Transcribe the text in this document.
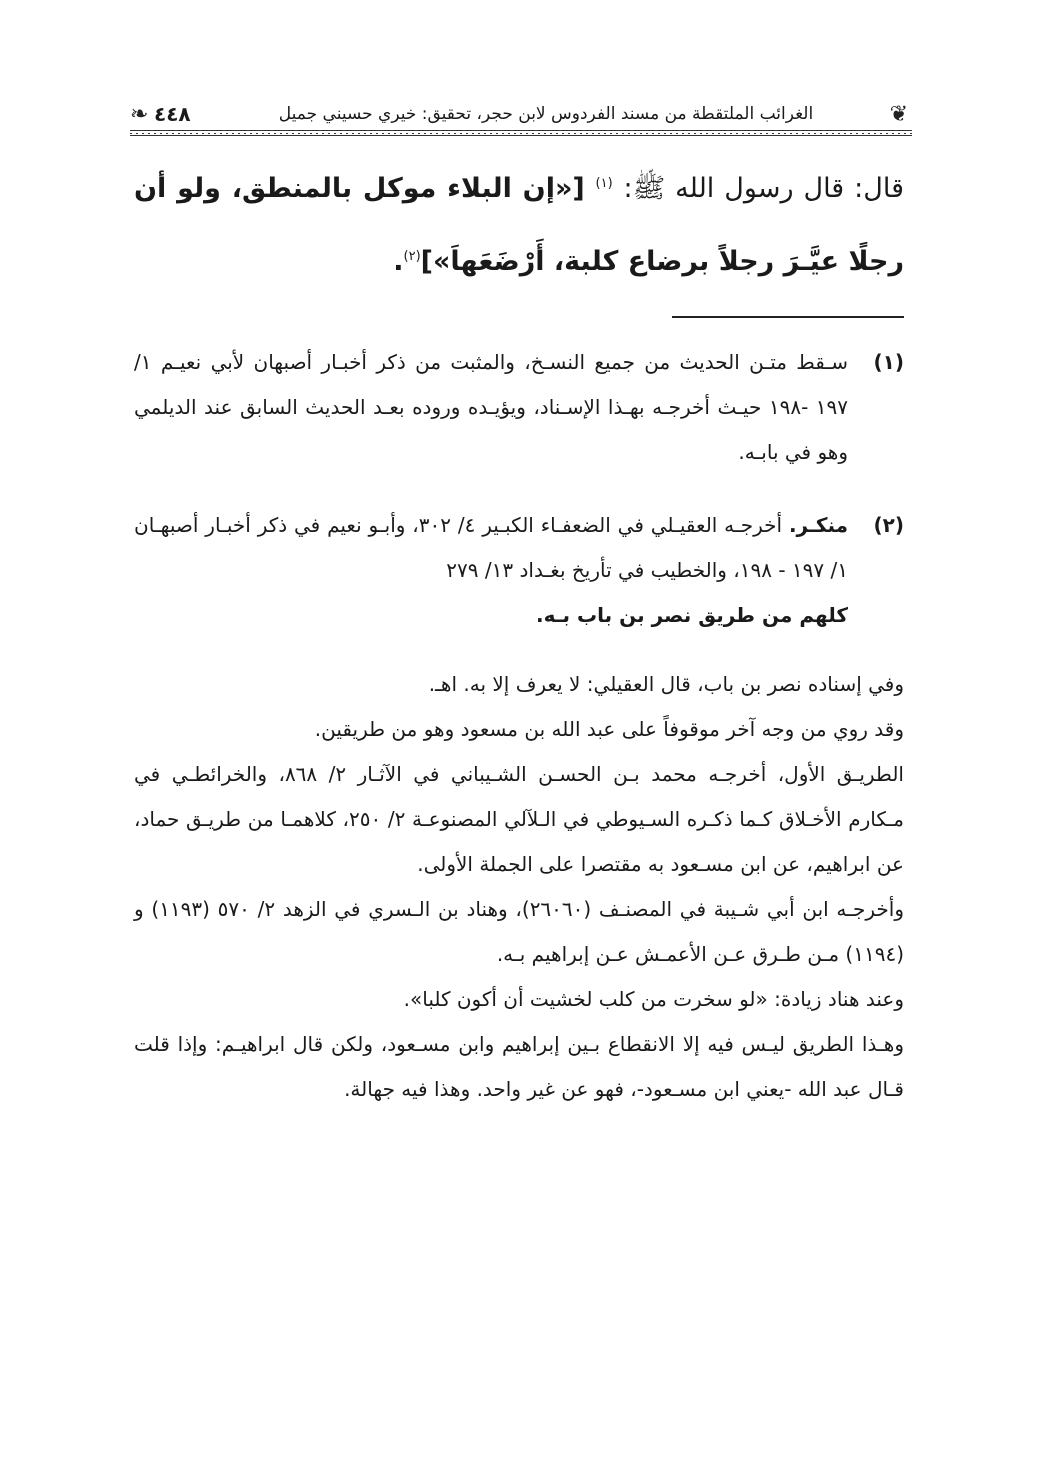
❦
الغرائب الملتقطة من مسند الفردوس لابن حجر، تحقيق: خيري حسيني جميل
٤٤٨
❧
قال: قال رسول الله ﷺ: $^{(١)}$ [«إن البلاء موكل بالمنطق، ولو أن رجلًا عيَّـرَ رجلاً برضاع كلبة، أَرْضَعَهاَ»]$^{(٢)}$.
(١)
سـقط متـن الحديث من جميع النسـخ، والمثبت من ذكر أخبـار أصبهان لأبي نعيـم ١/ ١٩٧ -١٩٨ حيـث أخرجـه بهـذا الإسـناد، ويؤيـده وروده بعـد الحديث السابق عند الديلمي وهو في بابـه.
(٢)
منكـر. أخرجـه العقيـلي في الضعفـاء الكبـير ٤/ ٣٠٢، وأبـو نعيم في ذكر أخبـار أصبهـان ١/ ١٩٧ - ١٩٨، والخطيب في تأريخ بغـداد ١٣/ ٢٧٩
كلهم من طريق نصر بن باب بـه.
وفي إسناده نصر بن باب، قال العقيلي: لا يعرف إلا به. اهـ.
وقد روي من وجه آخر موقوفاً على عبد الله بن مسعود وهو من طريقين.
الطريـق الأول، أخرجـه محمد بـن الحسـن الشـيباني في الآثـار ٢/ ٨٦٨، والخرائطـي في مـكارم الأخـلاق كـما ذكـره السـيوطي في الـلآلي المصنوعـة ٢/ ٢٥٠، كلاهمـا من طريـق حماد، عن ابراهيم، عن ابن مسـعود به مقتصرا على الجملة الأولى.
وأخرجـه ابن أبي شـيبة في المصنـف (٢٦٠٦٠)، وهناد بن الـسري في الزهد ٢/ ٥٧٠ (١١٩٣) و (١١٩٤) مـن طـرق عـن الأعمـش عـن إبراهيم بـه.
وعند هناد زيادة: «لو سخرت من كلب لخشيت أن أكون كلبا».
وهـذا الطريق ليـس فيه إلا الانقطاع بـين إبراهيم وابن مسـعود، ولكن قال ابراهيـم: وإذا قلت قـال عبد الله -يعني ابن مسـعود-، فهو عن غير واحد. وهذا فيه جهالة.
